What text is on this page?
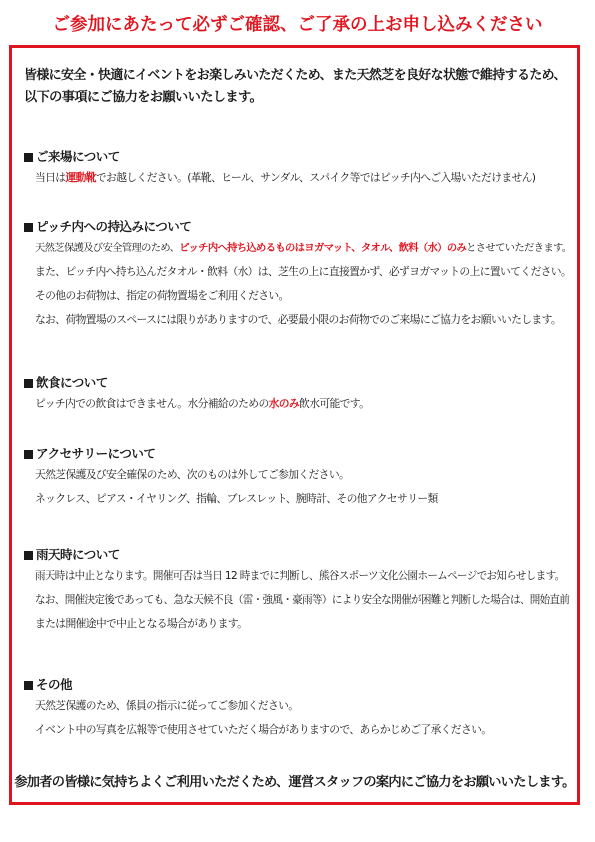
ご参加にあたって必ずご確認、ご了承の上お申し込みください
皆様に安全・快適にイベントをお楽しみいただくため、また天然芝を良好な状態で維持するため、
以下の事項にご協力をお願いいたします。
ご来場について
当日は運動靴でお越しください。(革靴、ヒール、サンダル、スパイク等ではピッチ内へご入場いただけません)
ピッチ内への持込みについて
天然芝保護及び安全管理のため、ピッチ内へ持ち込めるものはヨガマット、タオル、飲料（水）のみとさせていただきます。
また、ピッチ内へ持ち込んだタオル・飲料（水）は、芝生の上に直接置かず、必ずヨガマットの上に置いてください。
その他のお荷物は、指定の荷物置場をご利用ください。
なお、荷物置場のスペースには限りがありますので、必要最小限のお荷物でのご来場にご協力をお願いいたします。
飲食について
ピッチ内での飲食はできません。水分補給のための水のみ飲水可能です。
アクセサリーについて
天然芝保護及び安全確保のため、次のものは外してご参加ください。
ネックレス、ピアス・イヤリング、指輪、ブレスレット、腕時計、その他アクセサリー類
雨天時について
雨天時は中止となります。開催可否は当日 12 時までに判断し、熊谷スポーツ文化公園ホームページでお知らせします。
なお、開催決定後であっても、急な天候不良（雷・強風・豪雨等）により安全な開催が困難と判断した場合は、開始直前
または開催途中で中止となる場合があります。
その他
天然芝保護のため、係員の指示に従ってご参加ください。
イベント中の写真を広報等で使用させていただく場合がありますので、あらかじめご了承ください。
参加者の皆様に気持ちよくご利用いただくため、運営スタッフの案内にご協力をお願いいたします。
